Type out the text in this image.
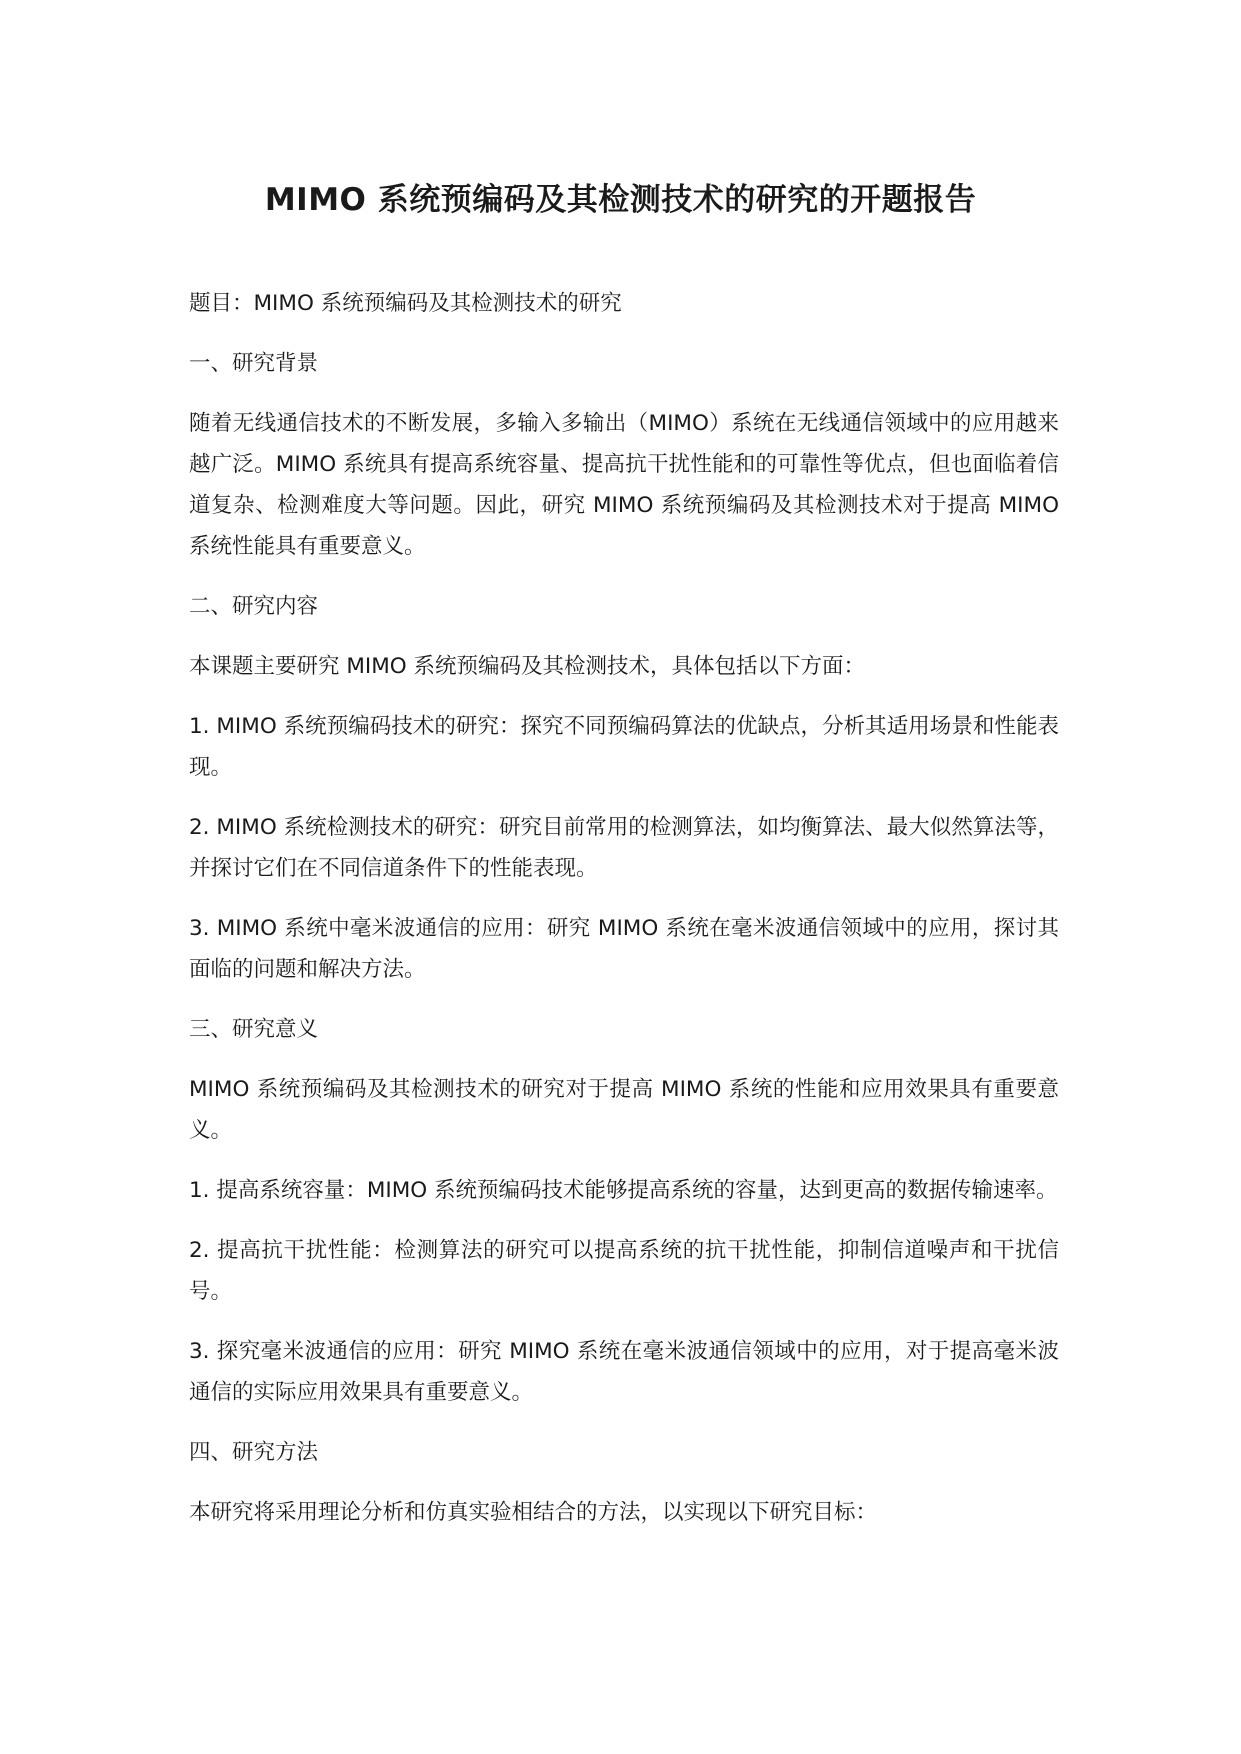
MIMO 系统预编码及其检测技术的研究的开题报告

题目：MIMO 系统预编码及其检测技术的研究

一、研究背景

随着无线通信技术的不断发展，多输入多输出（MIMO）系统在无线通信领域中的应用越来越广泛。MIMO 系统具有提高系统容量、提高抗干扰性能和的可靠性等优点，但也面临着信道复杂、检测难度大等问题。因此，研究 MIMO 系统预编码及其检测技术对于提高 MIMO 系统性能具有重要意义。

二、研究内容

本课题主要研究 MIMO 系统预编码及其检测技术，具体包括以下方面：

1. MIMO 系统预编码技术的研究：探究不同预编码算法的优缺点，分析其适用场景和性能表现。

2. MIMO 系统检测技术的研究：研究目前常用的检测算法，如均衡算法、最大似然算法等，并探讨它们在不同信道条件下的性能表现。

3. MIMO 系统中毫米波通信的应用：研究 MIMO 系统在毫米波通信领域中的应用，探讨其面临的问题和解决方法。

三、研究意义

MIMO 系统预编码及其检测技术的研究对于提高 MIMO 系统的性能和应用效果具有重要意义。

1. 提高系统容量：MIMO 系统预编码技术能够提高系统的容量，达到更高的数据传输速率。

2. 提高抗干扰性能：检测算法的研究可以提高系统的抗干扰性能，抑制信道噪声和干扰信号。

3. 探究毫米波通信的应用：研究 MIMO 系统在毫米波通信领域中的应用，对于提高毫米波通信的实际应用效果具有重要意义。

四、研究方法

本研究将采用理论分析和仿真实验相结合的方法，以实现以下研究目标：
